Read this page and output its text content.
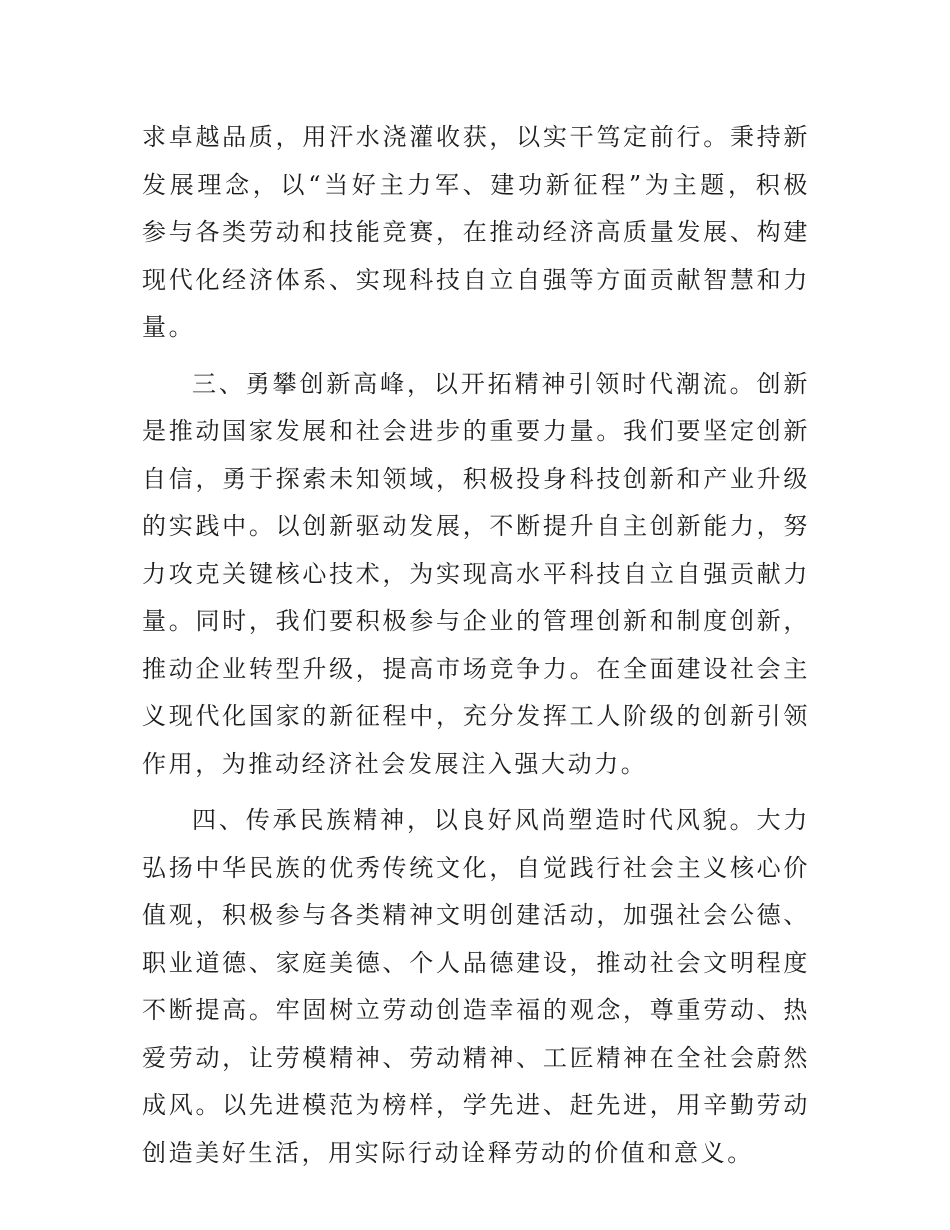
求卓越品质，用汗水浇灌收获，以实干笃定前行。秉持新发展理念，以“当好主力军、建功新征程”为主题，积极参与各类劳动和技能竞赛，在推动经济高质量发展、构建现代化经济体系、实现科技自立自强等方面贡献智慧和力量。

三、勇攀创新高峰，以开拓精神引领时代潮流。创新是推动国家发展和社会进步的重要力量。我们要坚定创新自信，勇于探索未知领域，积极投身科技创新和产业升级的实践中。以创新驱动发展，不断提升自主创新能力，努力攻克关键核心技术，为实现高水平科技自立自强贡献力量。同时，我们要积极参与企业的管理创新和制度创新，推动企业转型升级，提高市场竞争力。在全面建设社会主义现代化国家的新征程中，充分发挥工人阶级的创新引领作用，为推动经济社会发展注入强大动力。

四、传承民族精神，以良好风尚塑造时代风貌。大力弘扬中华民族的优秀传统文化，自觉践行社会主义核心价值观，积极参与各类精神文明创建活动，加强社会公德、职业道德、家庭美德、个人品德建设，推动社会文明程度不断提高。牢固树立劳动创造幸福的观念，尊重劳动、热爱劳动，让劳模精神、劳动精神、工匠精神在全社会蔚然成风。以先进模范为榜样，学先进、赶先进，用辛勤劳动创造美好生活，用实际行动诠释劳动的价值和意义。
